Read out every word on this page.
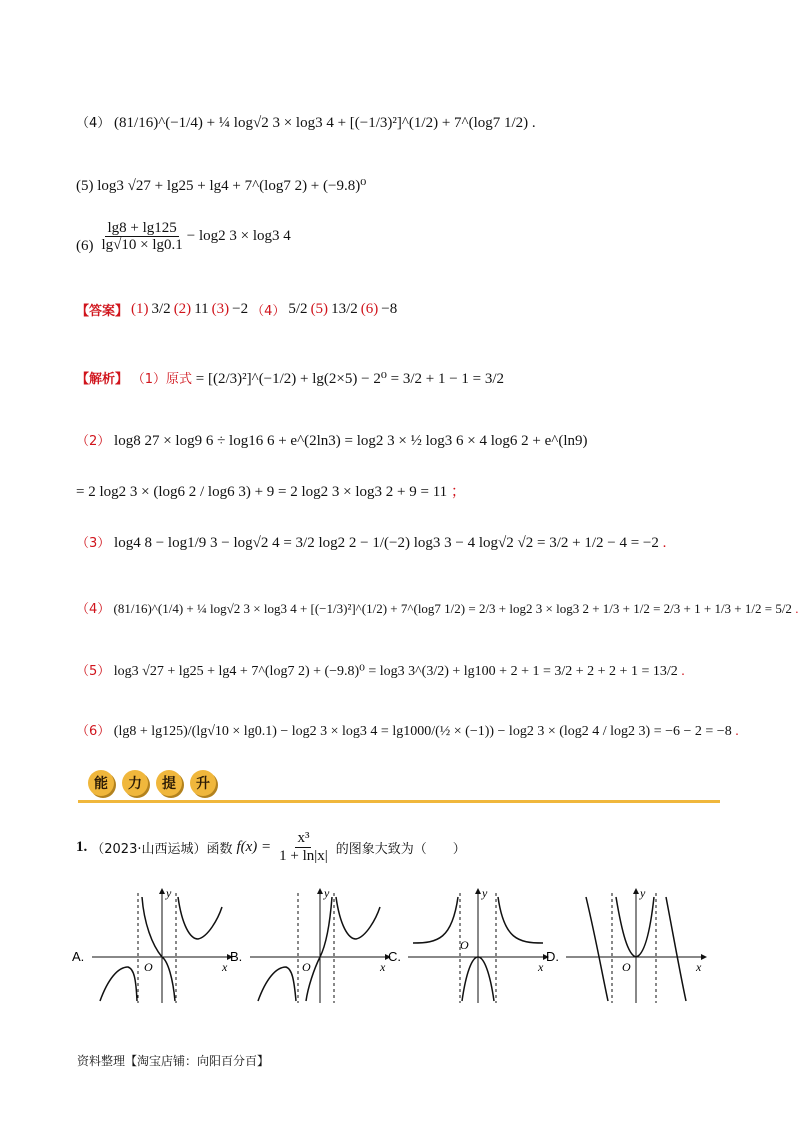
（4） (81/16)^(−1/4) + ¼ log√2 3 × log3 4 + [(−1/3)²]^(1/2) + 7^(log7 1/2) .
(5) log3 √27 + lg25 + lg4 + 7^(log7 2) + (−9.8)⁰
$(6) \frac{\lg 8 + \lg 125}{\lg√10 \times \lg 0.1} - \log 2$ 3 × log3 4
【答案】 (1) 3/2 (2) 11 (3) −2 （4） 5/2 (5) 13/2 (6) −8
【解析】 （1）原式 = [(2/3)²]^(−1/2) + lg(2×5) − 2⁰ = 3/2 + 1 − 1 = 3/2
（2） log8 27 × log9 6 ÷ log16 6 + e^(2ln3) = log2 3 × ½ log3 6 × 4 log6 2 + e^(ln9)
= 2 log2 3 × (log6 2 / log6 3) + 9 = 2 log2 3 × log3 2 + 9 = 11 ；
（3） log4 8 − log1/9 3 − log√2 4 = 3/2 log2 2 − 1/(−2) log3 3 − 4 log√2 √2 = 3/2 + 1/2 − 4 = −2 .
（4） (81/16)^(1/4) + ¼ log√2 3 × log3 4 + [(−1/3)²]^(1/2) + 7^(log7 1/2) = 2/3 + log2 3 × log3 2 + 1/3 + 1/2 = 2/3 + 1 + 1/3 + 1/2 = 5/2 .
（5） log3 √27 + lg25 + lg4 + 7^(log7 2) + (−9.8)⁰ = log3 3^(3/2) + lg100 + 2 + 1 = 3/2 + 2 + 2 + 1 = 13/2 .
（6） (lg8 + lg125)/(lg√10 × lg0.1) − log2 3 × log3 4 = lg1000/(½ × (−1)) − log2 3 × (log2 4 / log2 3) = −6 − 2 = −8 .
能	力	提	升
1. （2023·山西运城）函数 $f(x) = \frac{\text{x³}}{1 + \ln|x|}$ 的图象大致为（　　）
A.
O
y
x
B.
O
y
x
C.
O
y
x
D.
O
y
x
资料整理【淘宝店铺：向阳百分百】
